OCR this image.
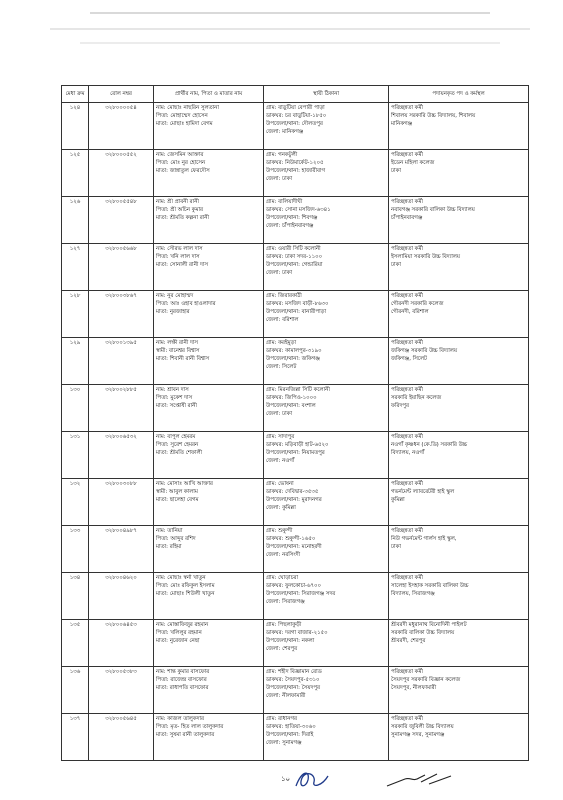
মেধা ক্রম	রোল নম্বর	প্রার্থীর নাম, পিতা ও মাতার নাম	স্থায়ী ঠিকানা	পদায়নকৃত পদ ও কর্মস্থল
১২৪	৩২৮০০০০৫৪	নাম: মোছাঃ নাছরিন সুলতানা
পিতা: মোহাম্মেদ হোসেন
মাতা: মোছাঃ হামিদা বেগম	গ্রাম: বাড়ুটিয়া বেপারী পাড়া
ডাকঘর: চর বাড়ুটিয়া-১৮৫০
উপজেলা/থানা: দৌলতপুর
জেলা: মানিকগঞ্জ	পরিচ্ছন্নতা কর্মী
শিবালয় সরকারি উচ্চ বিদ্যালয়, শিবালয়
মানিকগঞ্জ

১২৫	৩২৮০০০৫৫২	নাম: জেসমিন আক্তার
পিতা: মোঃ নুর হোসেন
মাতা: জান্নাতুল ফেরদৌস	গ্রাম: গনকটুলী
ডাকঘর: নিউমার্কেট-১২০৫
উপজেলা/থানা: হাজারীবাগ
জেলা: ঢাকা	পরিচ্ছন্নতা কর্মী
ইডেন মহিলা কলেজ
ঢাকা

১২৬	৩২৮০০৫৫৪৮	নাম: শ্রী প্রাবনী রানী
পিতা: শ্রী অচিন কুমার
মাতা: শ্রীমতি কল্পনা রানী	গ্রাম: বালিয়াদীঘী
ডাকঘর: সোনা মসজিদ-৬৩৪১
উপজেলা/থানা: শিবগঞ্জ
জেলা: চাঁপাইনবাবগঞ্জ	পরিচ্ছন্নতা কর্মী
নবাবগঞ্জ সরকারি বালিকা উচ্চ বিদ্যালয়
চাঁপাইনবাবগঞ্জ

১২৭	৩২৮০০৫৬৬৮	নাম: সৌরভ লাল দাস
পিতা: খনি লাল দাস
মাতা: সোনালী রানী দাস	গ্রাম: ওয়ারী সিটি কলোনী
ডাকঘর: ঢাকা সদর-১১০০
উপজেলা/থানা: গেন্ডারিয়া
জেলা: ঢাকা	পরিচ্ছন্নতা কর্মী
ইসলামিয়া সরকারি উচ্চ বিদ্যালয়
ঢাকা

১২৮	৩২৮০০৩৮৬৭	নাম: নুর মোহাম্মদ
পিতা: আঃ ওহাব হাওলাদার
মাতা: নুরজাহার	গ্রাম: জিরারকাঠী
ডাকঘর: মসজিদ বাড়ী-৮৬৩০
উপজেলা/থানা: বানারীপাড়া
জেলা: বরিশাল	পরিচ্ছন্নতা কর্মী
গৌরনদী সরকারি কলেজ
গৌরনদী, বরিশাল

১২৯	৩২৮০০১৩৯৫	নাম: লক্ষী রানী দাস
স্বামী: বানেশ্বর বিশ্বাস
মাতা: শিবানী রানী বিশ্বাস	গ্রাম: করইমুড়া
ডাকঘর: কামালপুর-৩১৯০
উপজেলা/থানা: জকিগঞ্জ
জেলা: সিলেট	পরিচ্ছন্নতা কর্মী
জকিগঞ্জ সরকারি উচ্চ বিদ্যালয়
জকিগঞ্জ, সিলেট

১৩০	৩২৮০০২৮৮৫	নাম: শ্রাবন দাস
পিতা: মুকেশ দাস
মাতা: সপ্তোষী রানী	গ্রাম: মিরনজিল্লা সিটি কলোনী
ডাকঘর: জিপিও-১০০০
উপজেলা/থানা: বংশাল
জেলা: ঢাকা	পরিচ্ছন্নতা কর্মী
সরকারি ইয়াছিন কলেজ
ফরিদপুর

১৩১	৩২৮০০৬৫৩২	নাম: বাপুল হেমরম
পিতা: সুরেশ হেমরন
মাতা: শ্রীমতি শেফালী	গ্রাম: সাদাপুর
ডাকঘর: মড়িবাড়ী হাট-৬৫২০
উপজেলা/থানা: নিয়ামতপুর
জেলা: নওগাঁ	পরিচ্ছন্নতা কর্মী
নওগাঁ কৃষ্ণধন (কে.ডি) সরকারি উচ্চ
বিদ্যালয়, নওগাঁ

১৩২	৩২৮০০৩০৮৮	নাম: মোসাঃ আখি আক্তার
স্বামী: আবুল কালাম
মাতা: ছালেহা বেগম	গ্রাম: ভোষনা
ডাকঘর: দেবিদ্বার-৩৫৩৫
উপজেলা/থানা: মুরাদনগর
জেলা: কুমিল্লা	পরিচ্ছন্নতা কর্মী
গভর্নমেন্ট ল্যাবরেটরী হাই স্কুল
কুমিল্লা

১৩৩	৩২৮০০৪৯৮৭	নাম: তানিয়া
পিতা: আব্দুর রশিদ
মাতা: রহিমা	গ্রাম: শুকুন্দী
ডাকঘর: শুকুন্দী-১৬৫০
উপজেলা/থানা: মনোহরদী
জেলা: নরসিংদী	পরিচ্ছন্নতা কর্মী
নিউ গভর্নমেন্ট গার্লস হাই স্কুল,
ঢাকা

১৩৪	৩২৮০০৪৬২০	নাম: মোছাঃ স্বর্না খাতুন
পিতা: মোঃ রফিকুল ইসলাম
মাতা: মোছাঃ শিউলী খাতুন	গ্রাম: ঘোড়াচরা
ডাকঘর: ফুলকোচা-৬৭০০
উপজেলা/থানা: সিরাজগঞ্জ সদর
জেলা: সিরাজগঞ্জ	পরিচ্ছন্নতা কর্মী
সালেহা ইসহাক সরকারি বালিকা উচ্চ
বিদ্যালয়, সিরাজগঞ্জ

১৩৫	৩২৮০০৬৪৫৩	নাম: মোস্তাফিজুর রহমান
পিতা: খলিলুর রহমান
মাতা: নুরেজান নেছা	গ্রাম: পিছলাকুড়ী
ডাকঘর: দরগা বাজার-২১৫০
উপজেলা/থানা: নকলা
জেলা: শেরপুর	শ্রীবরদী মধুরানাথ বিনোদিনী পাইলট
সরকারি বালিকা উচ্চ বিদ্যালয়
শ্রীবরদী, শেরপুর

১৩৬	৩২৮০০৫৩৮৩	নাম: শান্ত কুমার বাসফোর
পিতা: রাজেন্দ্র বাসফোর
মাতা: রাধাপতি বাসফোর	গ্রাম: শহীদ বিজ্ঞামান রোড
ডাকঘর: সৈয়দপুর-৫৩১০
উপজেলা/থানা: সৈয়দপুর
জেলা: নীলফামারী	পরিচ্ছন্নতা কর্মী
সৈয়দপুর সরকারি বিজ্ঞান কলেজ
সৈয়দপুর, নীলফামারী

১৩৭	৩২৮০০৫৬৪৫	নাম: কাজল তালুকদার
পিতা: মৃত- হিত লাল তালুকদার
মাতা: সুষমা রানী তালুকদার	গ্রাম: রাধানগর
ডাকঘর: হাতিয়া-৩০৬০
উপজেলা/থানা: দিরাই
জেলা: সুনামগঞ্জ	পরিচ্ছন্নতা কর্মী
সরকারি জুবিলী উচ্চ বিদ্যালয়
সুনামগঞ্জ সদর, সুনামগঞ্জ
১০
